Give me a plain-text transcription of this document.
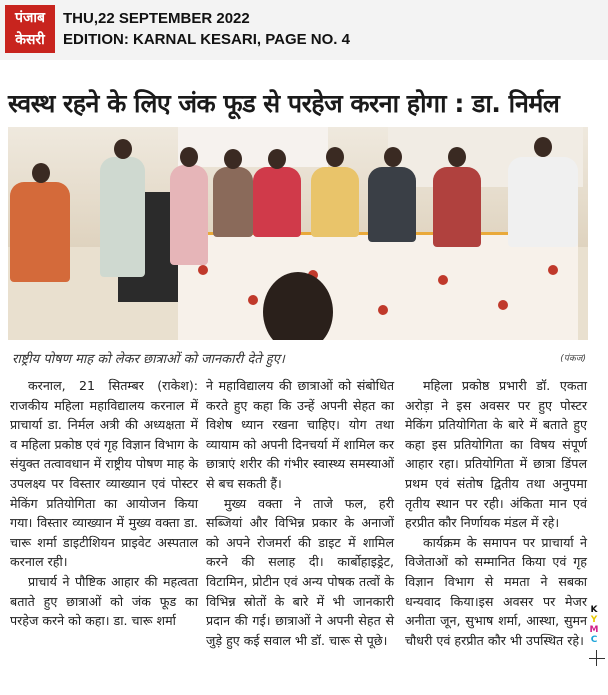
पंजाब
केसरी
THU,22 SEPTEMBER 2022
EDITION: KARNAL KESARI, PAGE NO. 4
स्वस्थ रहने के लिए जंक फूड से परहेज करना होगा : डा. निर्मल
राष्ट्रीय पोषण माह को लेकर छात्राओं को जानकारी देते हुए।	(पंकज)

करनाल, 21 सितम्बर (राकेश): राजकीय महिला महाविद्यालय करनाल में प्राचार्या डा. निर्मल अत्री की अध्यक्षता में व महिला प्रकोष्ठ एवं गृह विज्ञान विभाग के संयुक्त तत्वावधान में राष्ट्रीय पोषण माह के उपलक्ष्य पर विस्तार व्याख्यान एवं पोस्टर मेकिंग प्रतियोगिता का आयोजन किया गया। विस्तार व्याख्यान में मुख्य वक्ता डा. चारू शर्मा डाइटीशियन प्राइवेट अस्पताल करनाल रही।

प्राचार्य ने पौष्टिक आहार की महत्वता बताते हुए छात्राओं को जंक फूड का परहेज करने को कहा। डा. चारू शर्मा

ने महाविद्यालय की छात्राओं को संबोधित करते हुए कहा कि उन्हें अपनी सेहत का विशेष ध्यान रखना चाहिए। योग तथा व्यायाम को अपनी दिनचर्या में शामिल कर छात्राएं शरीर की गंभीर स्वास्थ्य समस्याओं से बच सकती हैं।

मुख्य वक्ता ने ताजे फल, हरी सब्जियां और विभिन्न प्रकार के अनाजों को अपने रोजमर्रा की डाइट में शामिल करने की सलाह दी। कार्बोहाइड्रेट, विटामिन, प्रोटीन एवं अन्य पोषक तत्वों के विभिन्न स्रोतों के बारे में भी जानकारी प्रदान की गई। छात्राओं ने अपनी सेहत से जुड़े हुए कई सवाल भी डॉ. चारू से पूछे।

महिला प्रकोष्ठ प्रभारी डॉ. एकता अरोड़ा ने इस अवसर पर हुए पोस्टर मेकिंग प्रतियोगिता के बारे में बताते हुए कहा इस प्रतियोगिता का विषय संपूर्ण आहार रहा। प्रतियोगिता में छात्रा डिंपल प्रथम एवं संतोष द्वितीय तथा अनुपमा तृतीय स्थान पर रही। अंकिता मान एवं हरप्रीत कौर निर्णायक मंडल में रहे।

कार्यक्रम के समापन पर प्राचार्या ने विजेताओं को सम्मानित किया एवं गृह विज्ञान विभाग से ममता ने सबका धन्यवाद किया।इस अवसर पर मेजर अनीता जून, सुभाष शर्मा, आस्था, सुमन चौधरी एवं हरप्रीत कौर भी उपस्थित रहे।

K
Y
M
C
